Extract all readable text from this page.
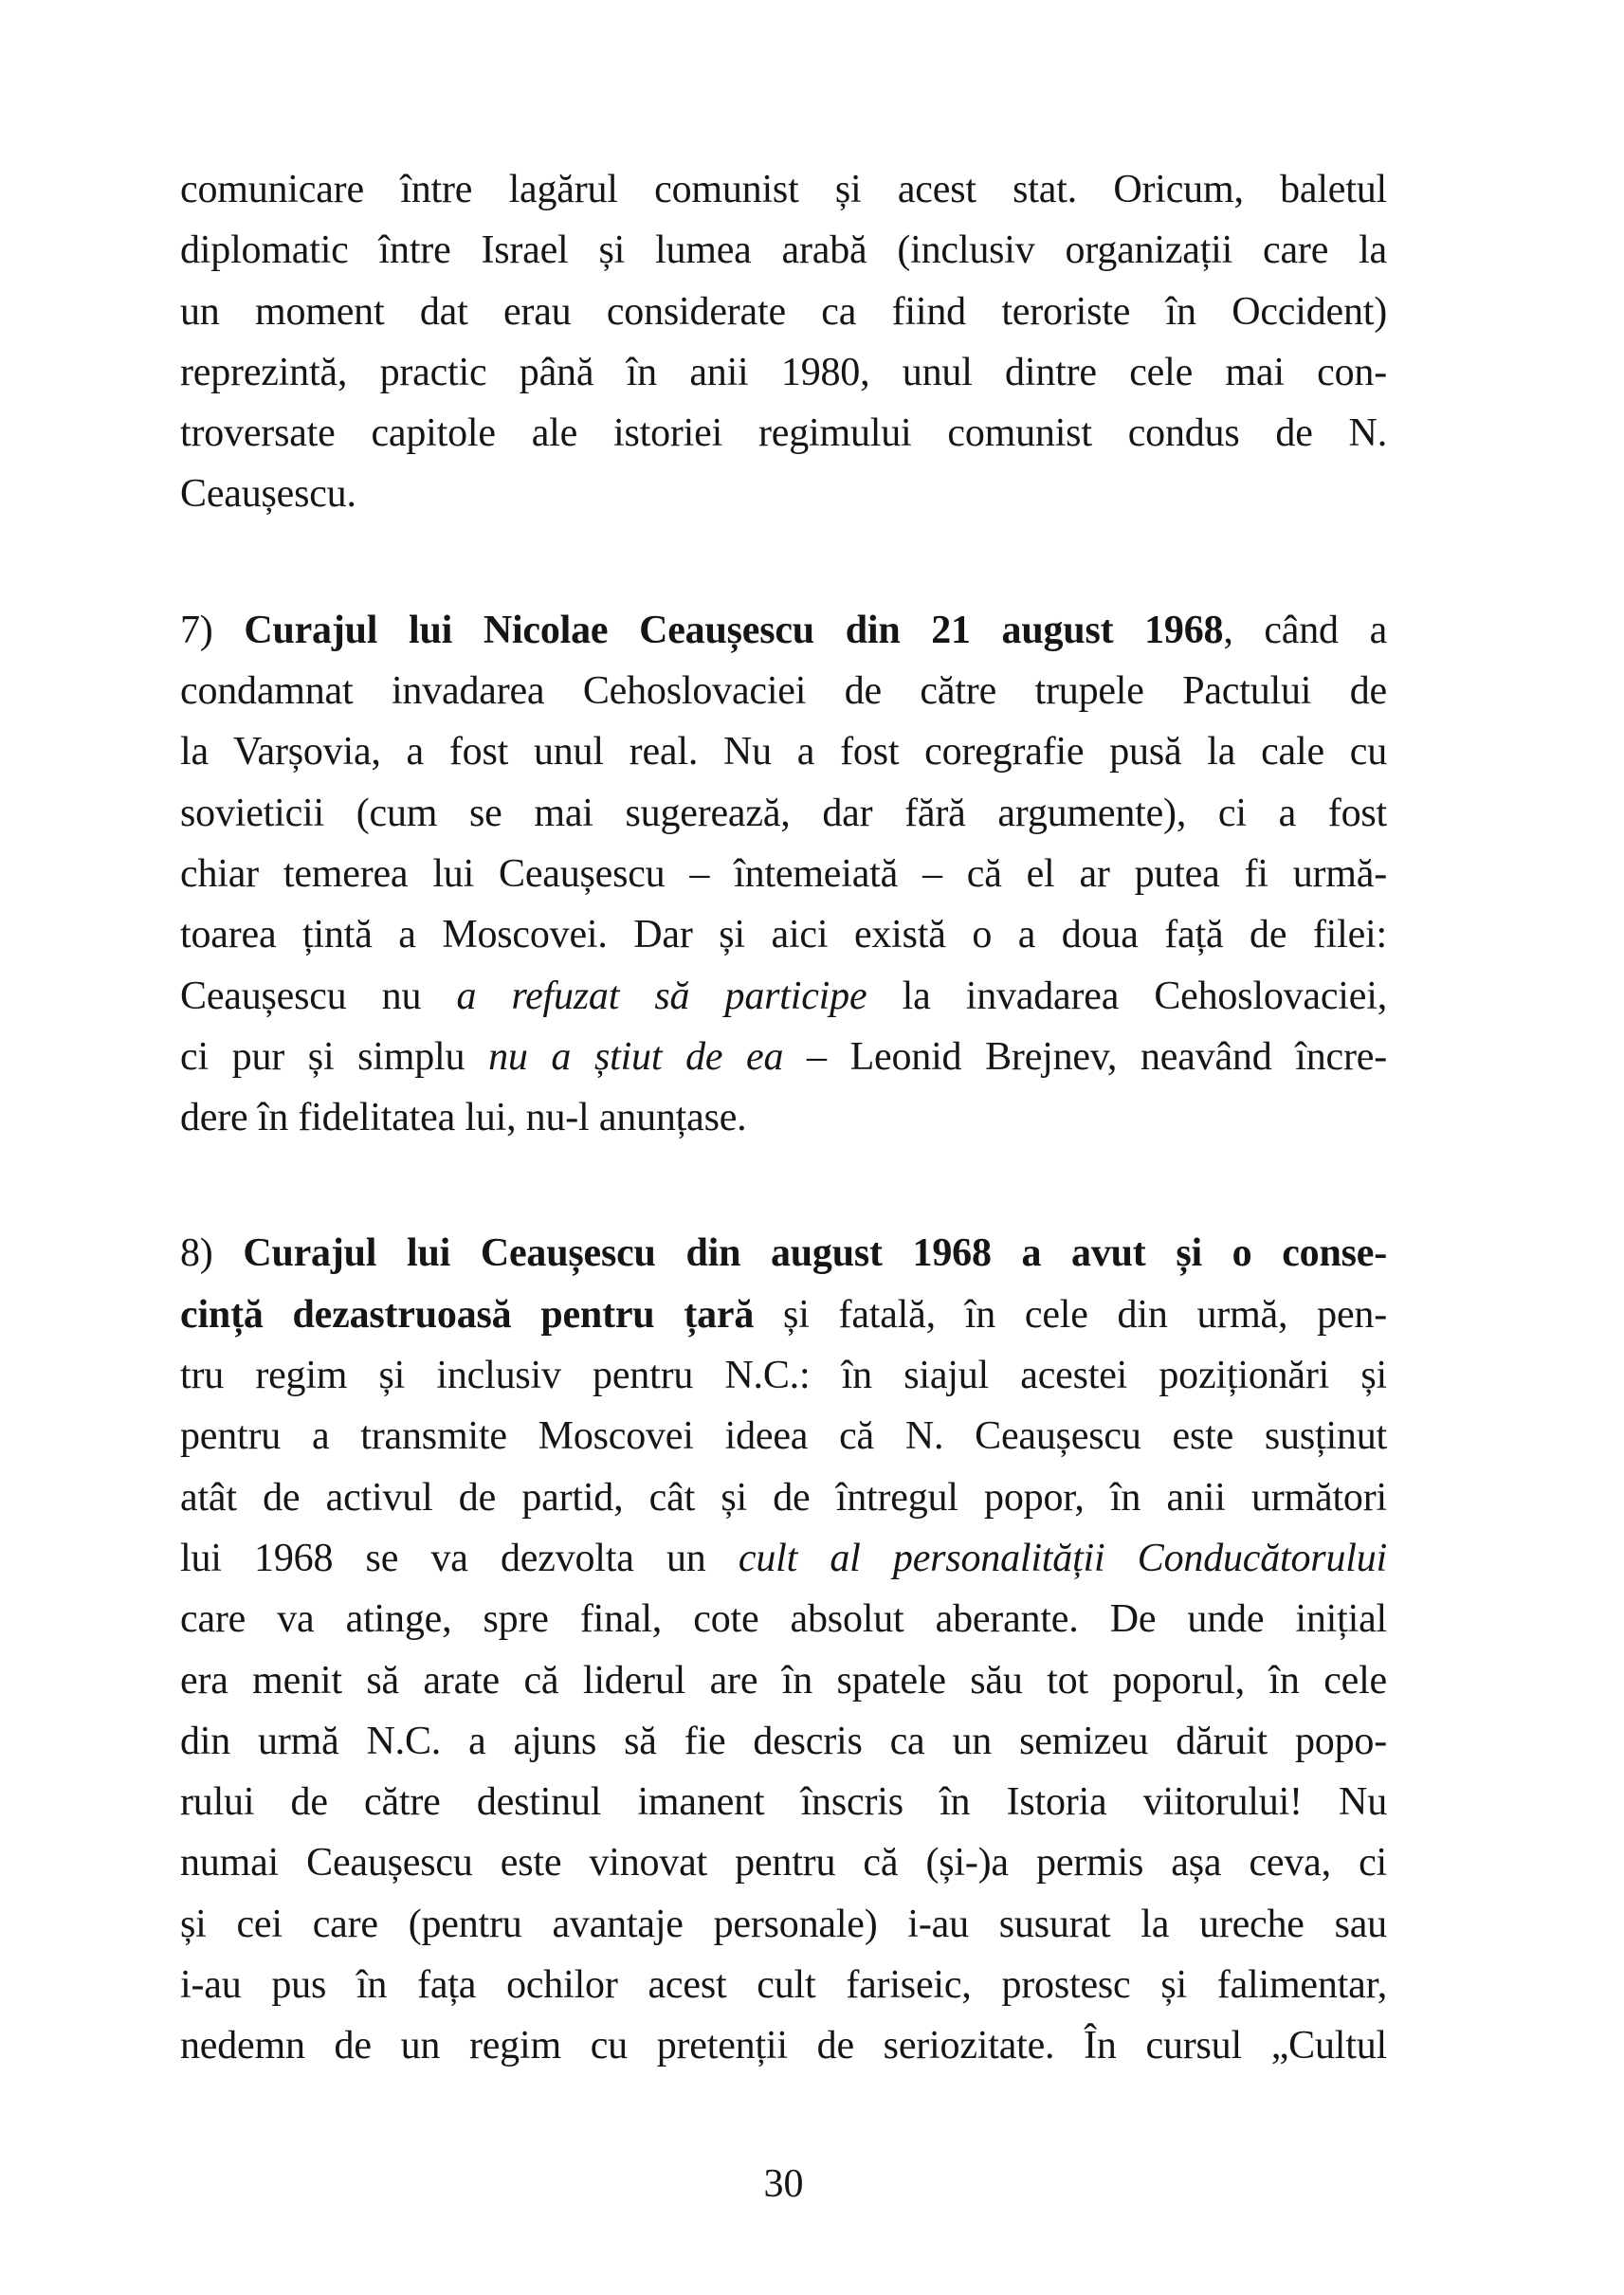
comunicare între lagărul comunist și acest stat. Oricum, baletul
diplomatic între Israel și lumea arabă (inclusiv organizații care la
un moment dat erau considerate ca fiind teroriste în Occident)
reprezintă, practic până în anii 1980, unul dintre cele mai con-
troversate capitole ale istoriei regimului comunist condus de N.
Ceaușescu.
7) Curajul lui Nicolae Ceaușescu din 21 august 1968, când a
condamnat invadarea Cehoslovaciei de către trupele Pactului de
la Varșovia, a fost unul real. Nu a fost coregrafie pusă la cale cu
sovieticii (cum se mai sugerează, dar fără argumente), ci a fost
chiar temerea lui Ceaușescu – întemeiată – că el ar putea fi urmă-
toarea țintă a Moscovei. Dar și aici există o a doua față de filei:
Ceaușescu nu a refuzat să participe la invadarea Cehoslovaciei,
ci pur și simplu nu a știut de ea – Leonid Brejnev, neavând încre-
dere în fidelitatea lui, nu-l anunțase.
8) Curajul lui Ceaușescu din august 1968 a avut și o conse-
cință dezastruoasă pentru țară și fatală, în cele din urmă, pen-
tru regim și inclusiv pentru N.C.: în siajul acestei poziționări și
pentru a transmite Moscovei ideea că N. Ceaușescu este susținut
atât de activul de partid, cât și de întregul popor, în anii următori
lui 1968 se va dezvolta un cult al personalității Conducătorului
care va atinge, spre final, cote absolut aberante. De unde inițial
era menit să arate că liderul are în spatele său tot poporul, în cele
din urmă N.C. a ajuns să fie descris ca un semizeu dăruit popo-
rului de către destinul imanent înscris în Istoria viitorului! Nu
numai Ceaușescu este vinovat pentru că (și-)a permis așa ceva, ci
și cei care (pentru avantaje personale) i-au susurat la ureche sau
i-au pus în fața ochilor acest cult fariseic, prostesc și falimentar,
nedemn de un regim cu pretenții de seriozitate. În cursul „Cultul
30
